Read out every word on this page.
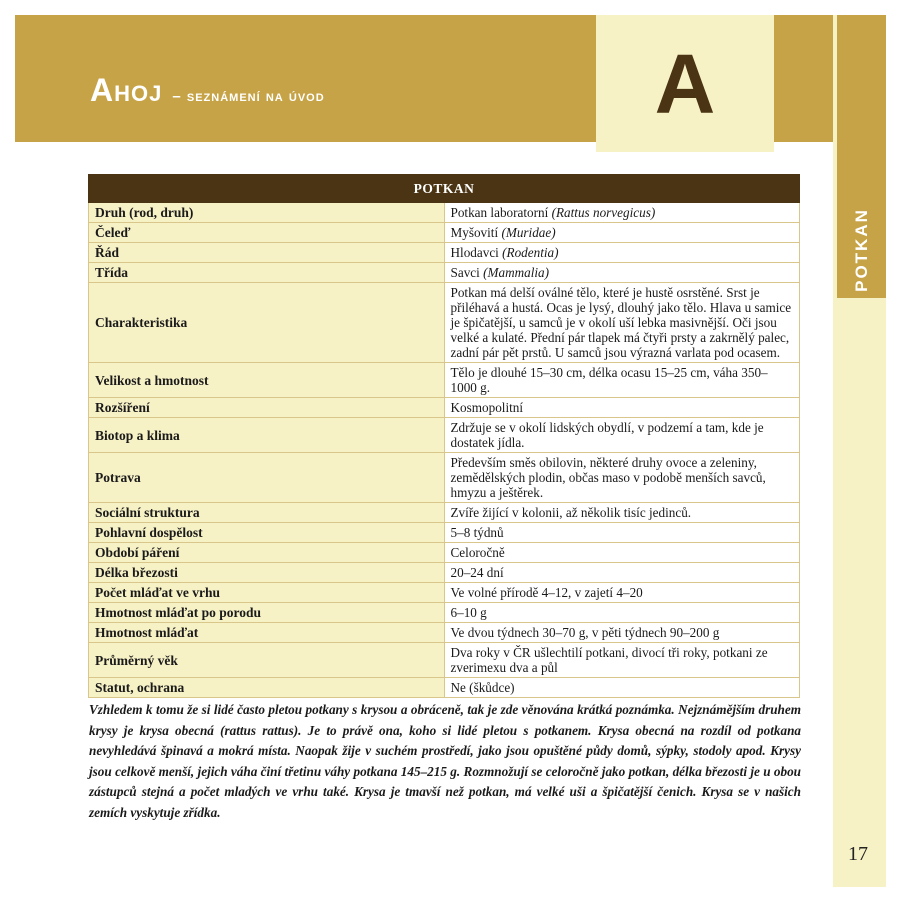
A
Ahoj – seznámení na úvod
POTKAN
POTKAN	
Druh (rod, druh)	Potkan laboratorní (Rattus norvegicus)
Čeleď	Myšovití (Muridae)
Řád	Hlodavci (Rodentia)
Třída	Savci (Mammalia)
Charakteristika	Potkan má delší oválné tělo, které je hustě osrstěné. Srst je přiléhavá a hustá. Ocas je lysý, dlouhý jako tělo. Hlava u samice je špičatější, u samců je v okolí uší lebka masivnější. Oči jsou velké a kulaté. Přední pár tlapek má čtyři prsty a zakrnělý palec, zadní pár pět prstů. U samců jsou výrazná varlata pod ocasem.
Velikost a hmotnost	Tělo je dlouhé 15–30 cm, délka ocasu 15–25 cm, váha 350–1000 g.
Rozšíření	Kosmopolitní
Biotop a klima	Zdržuje se v okolí lidských obydlí, v podzemí a tam, kde je dostatek jídla.
Potrava	Především směs obilovin, některé druhy ovoce a zeleniny, zemědělských plodin, občas maso v podobě menších savců, hmyzu a ještěrek.
Sociální struktura	Zvíře žijící v kolonii, až několik tisíc jedinců.
Pohlavní dospělost	5–8 týdnů
Období páření	Celoročně
Délka březosti	20–24 dní
Počet mláďat ve vrhu	Ve volné přírodě 4–12, v zajetí 4–20
Hmotnost mláďat po porodu	6–10 g
Hmotnost mláďat	Ve dvou týdnech 30–70 g, v pěti týdnech 90–200 g
Průměrný věk	Dva roky v ČR ušlechtilí potkani, divocí tři roky, potkani ze zverimexu dva a půl
Statut, ochrana	Ne (škůdce)
Vzhledem k tomu že si lidé často pletou potkany s krysou a obráceně, tak je zde věnována krátká poznámka. Nejznámějším druhem krysy je krysa obecná (rattus rattus). Je to právě ona, koho si lidé pletou s potkanem. Krysa obecná na rozdíl od potkana nevyhledává špinavá a mokrá místa. Naopak žije v suchém prostředí, jako jsou opuštěné půdy domů, sýpky, stodoly apod. Krysy jsou celkově menší, jejich váha činí třetinu váhy potkana 145–215 g. Rozmnožují se celoročně jako potkan, délka březosti je u obou zástupců stejná a počet mladých ve vrhu také. Krysa je tmavší než potkan, má velké uši a špičatější čenich. Krysa se v našich zemích vyskytuje zřídka.
17
